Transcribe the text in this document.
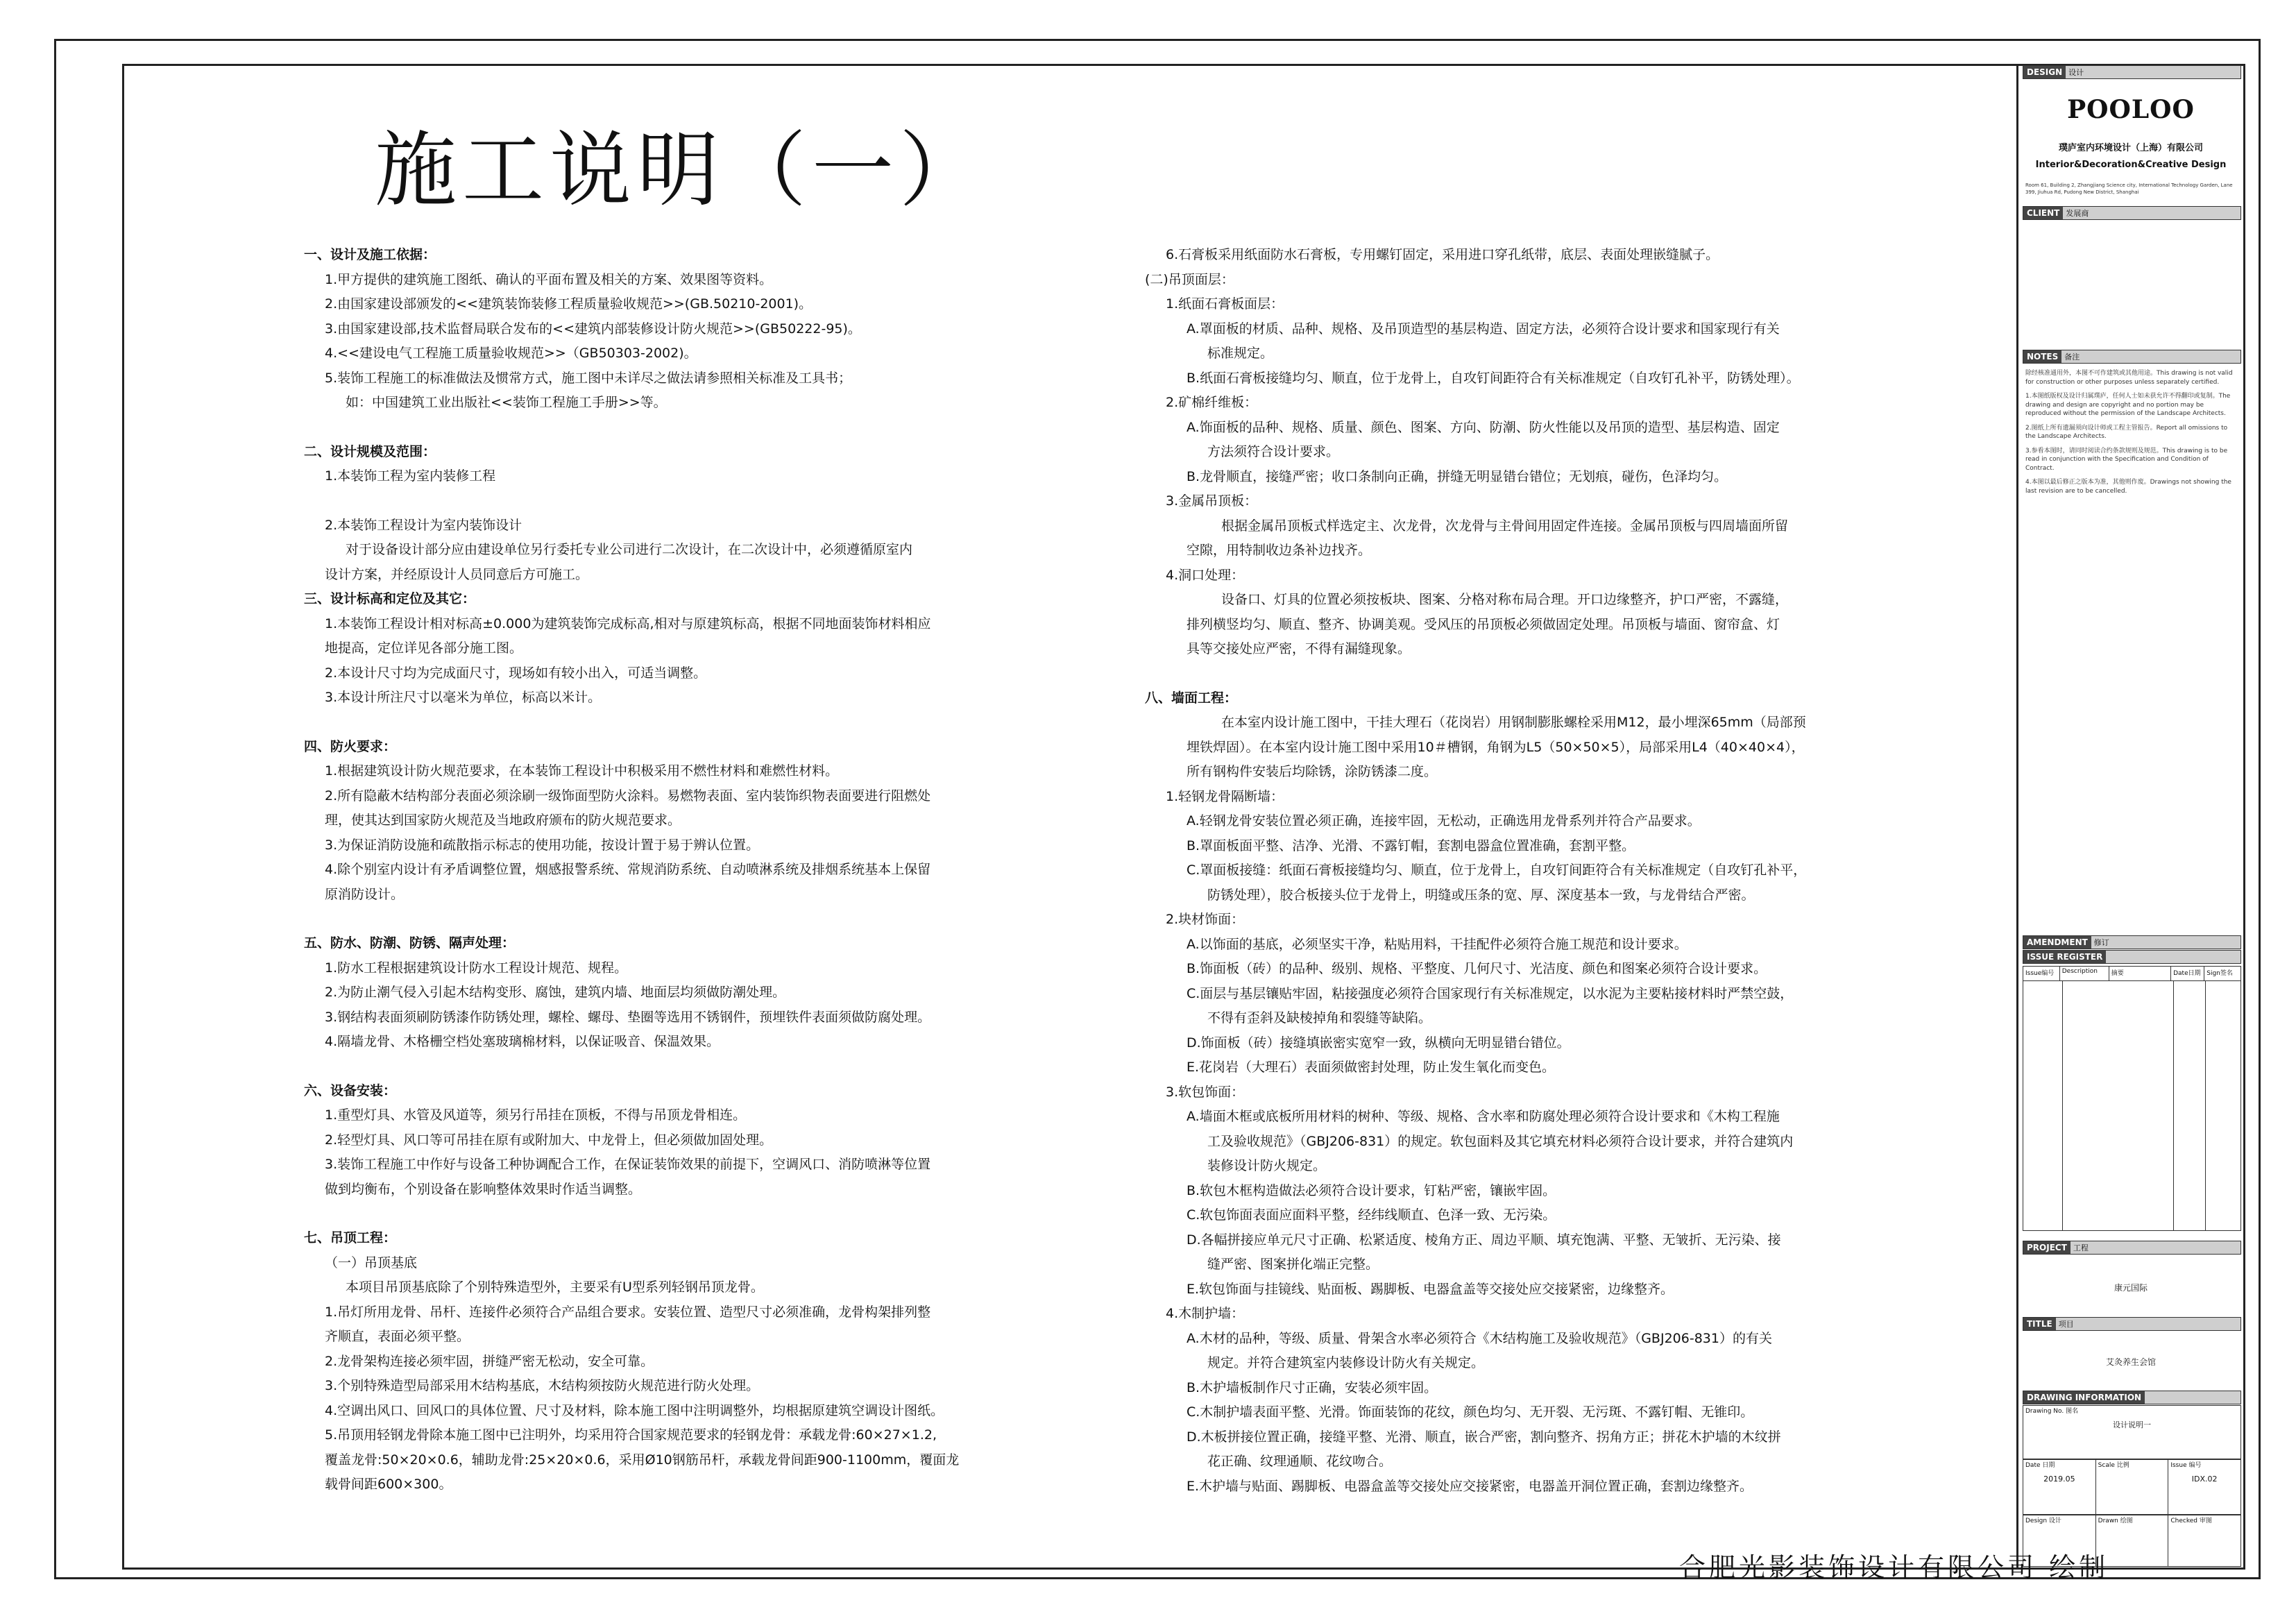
施工说明（一）
一、设计及施工依据：
1.甲方提供的建筑施工图纸、确认的平面布置及相关的方案、效果图等资料。
2.由国家建设部颁发的<<建筑装饰装修工程质量验收规范>>(GB.50210-2001)。
3.由国家建设部,技术监督局联合发布的<<建筑内部装修设计防火规范>>(GB50222-95)。
4.<<建设电气工程施工质量验收规范>>（GB50303-2002)。
5.装饰工程施工的标准做法及惯常方式，施工图中未详尽之做法请参照相关标准及工具书；
如：中国建筑工业出版社<<装饰工程施工手册>>等。
二、设计规模及范围：
1.本装饰工程为室内装修工程
2.本装饰工程设计为室内装饰设计
对于设备设计部分应由建设单位另行委托专业公司进行二次设计，在二次设计中，必须遵循原室内
设计方案，并经原设计人员同意后方可施工。
三、设计标高和定位及其它：
1.本装饰工程设计相对标高±0.000为建筑装饰完成标高,相对与原建筑标高，根据不同地面装饰材料相应
地提高，定位详见各部分施工图。
2.本设计尺寸均为完成面尺寸，现场如有较小出入，可适当调整。
3.本设计所注尺寸以毫米为单位，标高以米计。
四、防火要求：
1.根据建筑设计防火规范要求，在本装饰工程设计中积极采用不燃性材料和难燃性材料。
2.所有隐蔽木结构部分表面必须涂刷一级饰面型防火涂料。易燃物表面、室内装饰织物表面要进行阻燃处
理，使其达到国家防火规范及当地政府颁布的防火规范要求。
3.为保证消防设施和疏散指示标志的使用功能，按设计置于易于辨认位置。
4.除个别室内设计有矛盾调整位置，烟感报警系统、常规消防系统、自动喷淋系统及排烟系统基本上保留
原消防设计。
五、防水、防潮、防锈、隔声处理：
1.防水工程根据建筑设计防水工程设计规范、规程。
2.为防止潮气侵入引起木结构变形、腐蚀，建筑内墙、地面层均须做防潮处理。
3.钢结构表面须刷防锈漆作防锈处理，螺栓、螺母、垫圈等选用不锈钢件，预埋铁件表面须做防腐处理。
4.隔墙龙骨、木格栅空档处塞玻璃棉材料，以保证吸音、保温效果。
六、设备安装：
1.重型灯具、水管及风道等，须另行吊挂在顶板，不得与吊顶龙骨相连。
2.轻型灯具、风口等可吊挂在原有或附加大、中龙骨上，但必须做加固处理。
3.装饰工程施工中作好与设备工种协调配合工作，在保证装饰效果的前提下，空调风口、消防喷淋等位置
做到均衡布，个别设备在影响整体效果时作适当调整。
七、吊顶工程：
（一）吊顶基底
本项目吊顶基底除了个别特殊造型外，主要采有U型系列轻钢吊顶龙骨。
1.吊灯所用龙骨、吊杆、连接件必须符合产品组合要求。安装位置、造型尺寸必须准确，龙骨构架排列整
齐顺直，表面必须平整。
2.龙骨架构连接必须牢固，拼缝严密无松动，安全可靠。
3.个别特殊造型局部采用木结构基底，木结构须按防火规范进行防火处理。
4.空调出风口、回风口的具体位置、尺寸及材料，除本施工图中注明调整外，均根据原建筑空调设计图纸。
5.吊顶用轻钢龙骨除本施工图中已注明外，均采用符合国家规范要求的轻钢龙骨：承载龙骨:60×27×1.2,
覆盖龙骨:50×20×0.6，辅助龙骨:25×20×0.6，采用Ø10钢筋吊杆，承载龙骨间距900-1100mm，覆面龙
载骨间距600×300。
6.石膏板采用纸面防水石膏板，专用螺钉固定，采用进口穿孔纸带，底层、表面处理嵌缝腻子。
(二)吊顶面层：
1.纸面石膏板面层：
A.罩面板的材质、品种、规格、及吊顶造型的基层构造、固定方法，必须符合设计要求和国家现行有关
标准规定。
B.纸面石膏板接缝均匀、顺直，位于龙骨上，自攻钉间距符合有关标准规定（自攻钉孔补平，防锈处理）。
2.矿棉纤维板：
A.饰面板的品种、规格、质量、颜色、图案、方向、防潮、防火性能以及吊顶的造型、基层构造、固定
方法须符合设计要求。
B.龙骨顺直，接缝严密；收口条制向正确，拼缝无明显错台错位；无划痕，碰伤，色泽均匀。
3.金属吊顶板：
根据金属吊顶板式样选定主、次龙骨，次龙骨与主骨间用固定件连接。金属吊顶板与四周墙面所留
空隙，用特制收边条补边找齐。
4.洞口处理：
设备口、灯具的位置必须按板块、图案、分格对称布局合理。开口边缘整齐，护口严密，不露缝，
排列横竖均匀、顺直、整齐、协调美观。受风压的吊顶板必须做固定处理。吊顶板与墙面、窗帘盒、灯
具等交接处应严密，不得有漏缝现象。
八、墙面工程：
在本室内设计施工图中，干挂大理石（花岗岩）用钢制膨胀螺栓采用M12，最小埋深65mm（局部预
埋铁焊固）。在本室内设计施工图中采用10＃槽钢，角钢为L5（50×50×5），局部采用L4（40×40×4），
所有钢构件安装后均除锈，涂防锈漆二度。
1.轻钢龙骨隔断墙：
A.轻钢龙骨安装位置必须正确，连接牢固，无松动，正确选用龙骨系列并符合产品要求。
B.罩面板面平整、洁净、光滑、不露钉帽，套割电器盒位置准确，套割平整。
C.罩面板接缝：纸面石膏板接缝均匀、顺直，位于龙骨上，自攻钉间距符合有关标准规定（自攻钉孔补平，
防锈处理），胶合板接头位于龙骨上，明缝或压条的宽、厚、深度基本一致，与龙骨结合严密。
2.块材饰面：
A.以饰面的基底，必须坚实干净，粘贴用料，干挂配件必须符合施工规范和设计要求。
B.饰面板（砖）的品种、级别、规格、平整度、几何尺寸、光洁度、颜色和图案必须符合设计要求。
C.面层与基层镶贴牢固，粘接强度必须符合国家现行有关标准规定，以水泥为主要粘接材料时严禁空鼓，
不得有歪斜及缺棱掉角和裂缝等缺陷。
D.饰面板（砖）接缝填嵌密实宽窄一致，纵横向无明显错台错位。
E.花岗岩（大理石）表面须做密封处理，防止发生氧化而变色。
3.软包饰面：
A.墙面木框或底板所用材料的树种、等级、规格、含水率和防腐处理必须符合设计要求和《木构工程施
工及验收规范》（GBJ206-831）的规定。软包面料及其它填充材料必须符合设计要求，并符合建筑内
装修设计防火规定。
B.软包木框构造做法必须符合设计要求，钉粘严密，镶嵌牢固。
C.软包饰面表面应面料平整，经纬线顺直、色泽一致、无污染。
D.各幅拼接应单元尺寸正确、松紧适度、棱角方正、周边平顺、填充饱满、平整、无皱折、无污染、接
缝严密、图案拼化端正完整。
E.软包饰面与挂镜线、贴面板、踢脚板、电器盒盖等交接处应交接紧密，边缘整齐。
4.木制护墙：
A.木材的品种，等级、质量、骨架含水率必须符合《木结构施工及验收规范》（GBJ206-831）的有关
规定。并符合建筑室内装修设计防火有关规定。
B.木护墙板制作尺寸正确，安装必须牢固。
C.木制护墙表面平整、光滑。饰面装饰的花纹，颜色均匀、无开裂、无污斑、不露钉帽、无锥印。
D.木板拼接位置正确，接缝平整、光滑、顺直，嵌合严密，割向整齐、拐角方正；拼花木护墙的木纹拼
花正确、纹理通顺、花纹吻合。
E.木护墙与贴面、踢脚板、电器盒盖等交接处应交接紧密，电器盖开洞位置正确，套割边缘整齐。
DESIGN 设计
POOLOO
璞庐室内环境设计（上海）有限公司
Interior&Decoration&Creative Design
Room 61, Building 2, Zhangjiang Science city, International Technology Garden, Lane 399, Jiuhua Rd, Pudong New District, Shanghai
CLIENT 发展商
NOTES 备注
除经核准通用外，本图不可作建筑或其他用途。This drawing is not valid for construction or other purposes unless separately certified.
1.本图纸版权及设计归属璞庐，任何人士如未获允许不得翻印或复制。The drawing and design are copyright and no portion may be reproduced without the permission of the Landscape Architects.
2.图纸上所有遗漏须向设计师或工程主管报告。Report all omissions to the Landscape Architects.
3.参看本图时，请同时阅读合约条款规则及规范。This drawing is to be read in conjunction with the Specification and Condition of Contract.
4.本图以最后修正之版本为准，其他则作废。Drawings not showing the last revision are to be cancelled.
AMENDMENT 修订
ISSUE REGISTER
Issue编号	Description	摘要	Date日期 Sign签名
PROJECT 工程
康元国际
TITLE 项目
艾灸养生会馆
DRAWING INFORMATION
Drawing No. 图名
设计说明一
Date 日期
2019.05
Scale 比例	Issue 编号
IDX.02
Design 设计	Drawn 绘图	Checked 审图
合肥光影装饰设计有限公司 绘制
